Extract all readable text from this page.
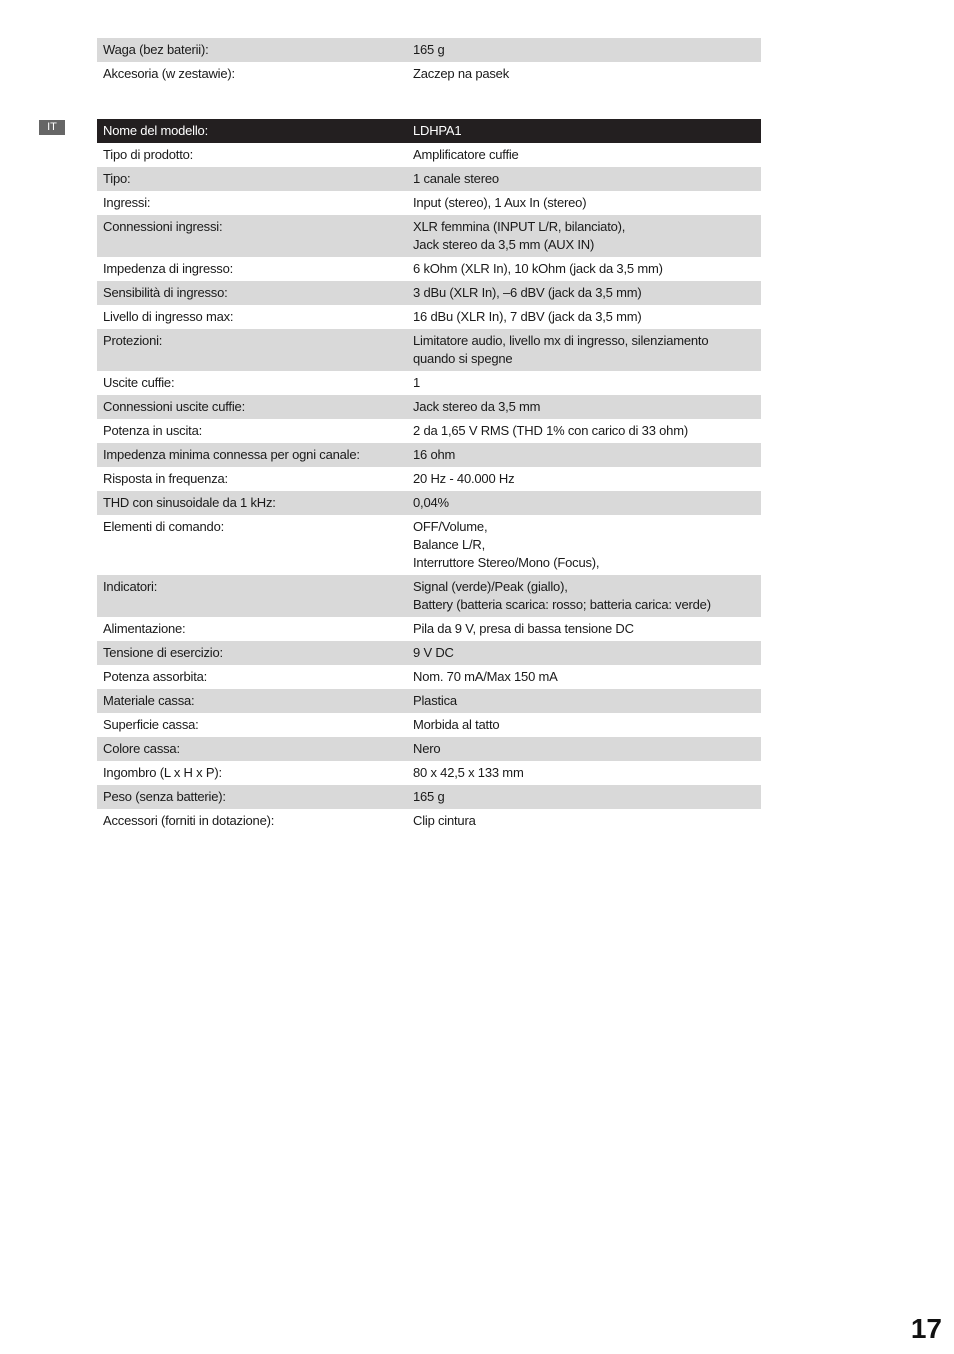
Waga (bez baterii):	165 g

Akcesoria (w zestawie):	Zaczep na pasek
IT	Nome del modello:	LDHPA1
Tipo di prodotto:	Amplificatore cuffie

Tipo:	1 canale stereo

Ingressi:	Input (stereo), 1 Aux In (stereo)

Connessioni ingressi:	XLR femmina (INPUT L/R, bilanciato),
Jack stereo da 3,5 mm (AUX IN)

Impedenza di ingresso:	6 kOhm (XLR In), 10 kOhm (jack da 3,5 mm)

Sensibilità di ingresso:	3 dBu (XLR In), –6 dBV (jack da 3,5 mm)

Livello di ingresso max:	16 dBu (XLR In), 7 dBV (jack da 3,5 mm)

Protezioni:	Limitatore audio, livello mx di ingresso, silenziamento
quando si spegne

Uscite cuffie:	1

Connessioni uscite cuffie:	Jack stereo da 3,5 mm

Potenza in uscita:	2 da 1,65 V RMS (THD 1% con carico di 33 ohm)

Impedenza minima connessa per ogni canale:	16 ohm

Risposta in frequenza:	20 Hz - 40.000 Hz

THD con sinusoidale da 1 kHz:	0,04%

Elementi di comando:	OFF/Volume,
Balance L/R,
Interruttore Stereo/Mono (Focus),

Indicatori:	Signal (verde)/Peak (giallo),
Battery (batteria scarica: rosso; batteria carica: verde)

Alimentazione:	Pila da 9 V, presa di bassa tensione DC

Tensione di esercizio:	9 V DC

Potenza assorbita:	Nom. 70 mA/Max 150 mA

Materiale cassa:	Plastica

Superficie cassa:	Morbida al tatto

Colore cassa:	Nero

Ingombro (L x H x P):	80 x 42,5 x 133 mm

Peso (senza batterie):	165 g

Accessori (forniti in dotazione):	Clip cintura
17
